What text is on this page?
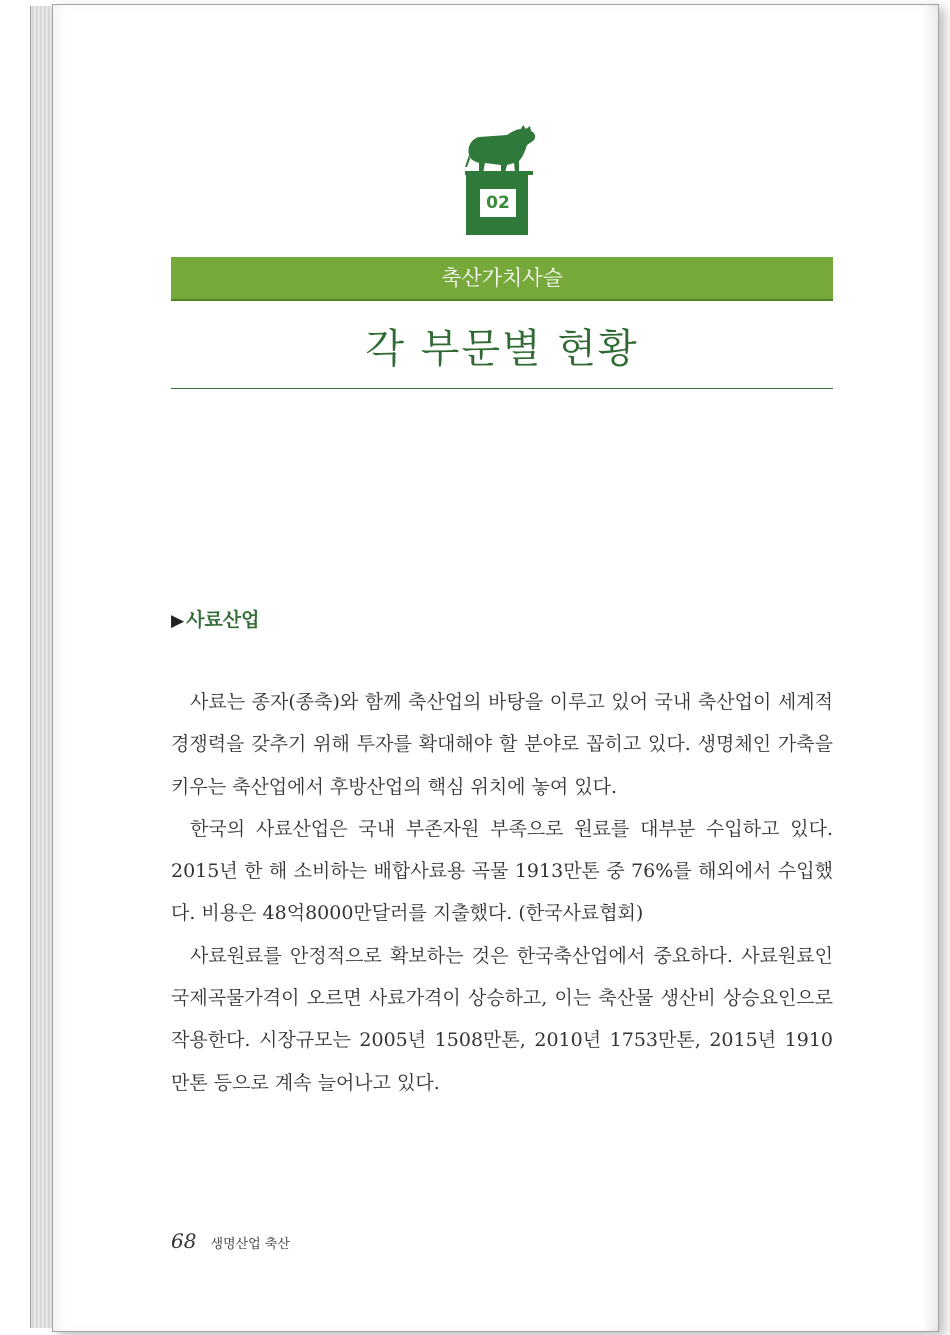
02
축산가치사슬
각 부문별 현황
▶ 사료산업

사료는 종자(종축)와 함께 축산업의 바탕을 이루고 있어 국내 축산업이 세계적 경쟁력을 갖추기 위해 투자를 확대해야 할 분야로 꼽히고 있다. 생명체인 가축을 키우는 축산업에서 후방산업의 핵심 위치에 놓여 있다.

한국의 사료산업은 국내 부존자원 부족으로 원료를 대부분 수입하고 있다. 2015년 한 해 소비하는 배합사료용 곡물 1913만톤 중 76%를 해외에서 수입했다. 비용은 48억8000만달러를 지출했다. (한국사료협회)

사료원료를 안정적으로 확보하는 것은 한국축산업에서 중요하다. 사료원료인 국제곡물가격이 오르면 사료가격이 상승하고, 이는 축산물 생산비 상승요인으로 작용한다. 시장규모는 2005년 1508만톤, 2010년 1753만톤, 2015년 1910만톤 등으로 계속 늘어나고 있다.

68 생명산업 축산
